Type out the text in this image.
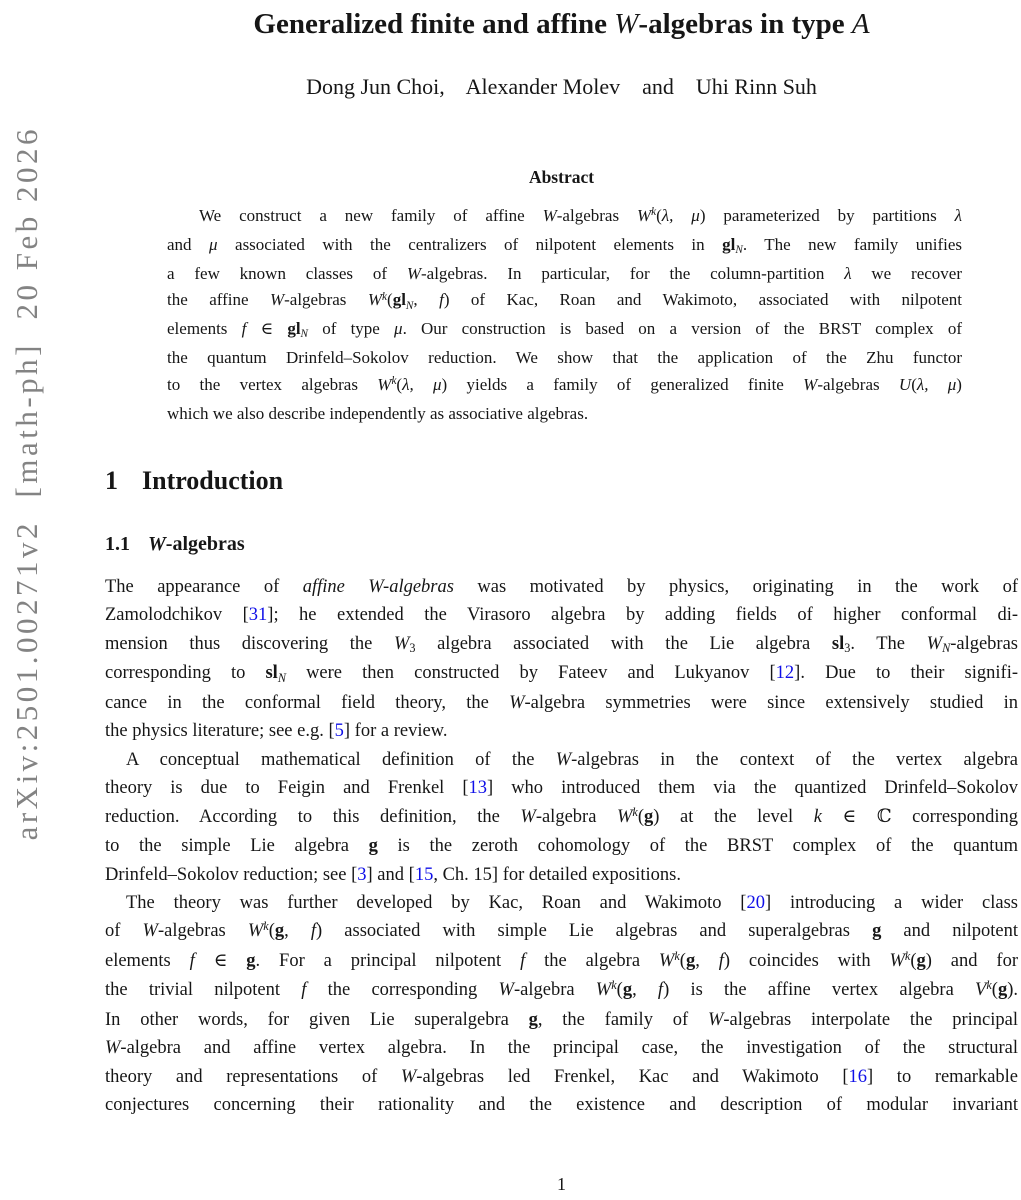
arXiv:2501.00271v2  [math-ph]  20 Feb 2026
Generalized finite and affine W-algebras in type A
Dong Jun Choi,    Alexander Molev    and    Uhi Rinn Suh
Abstract
We construct a new family of affine W-algebras $W^k(\lambda$, μ) parameterized by partitions λ
and μ associated with the centralizers of nilpotent elements in glN. The new family unifies
a few known classes of W-algebras. In particular, for the column-partition λ we recover
the affine W-algebras $W^k(glN$, f) of Kac, Roan and Wakimoto, associated with nilpotent
elements f ∈ glN of type μ. Our construction is based on a version of the BRST complex of
the quantum Drinfeld–Sokolov reduction. We show that the application of the Zhu functor
to the vertex algebras $W^k(\lambda$, μ) yields a family of generalized finite W-algebras U(λ, μ)
which we also describe independently as associative algebras.
1 Introduction
1.1 W-algebras
The appearance of affine W-algebras was motivated by physics, originating in the work of
Zamolodchikov [31]; he extended the Virasoro algebra by adding fields of higher conformal di-
mension thus discovering the W3 algebra associated with the Lie algebra sl3. The WN-algebras
corresponding to slN were then constructed by Fateev and Lukyanov [12]. Due to their signifi-
cance in the conformal field theory, the W-algebra symmetries were since extensively studied in
the physics literature; see e.g. [5] for a review.
A conceptual mathematical definition of the W-algebras in the context of the vertex algebra
theory is due to Feigin and Frenkel [13] who introduced them via the quantized Drinfeld–Sokolov
reduction. According to this definition, the W-algebra $W^k(g)$ at the level k ∈ ℂ corresponding
to the simple Lie algebra g is the zeroth cohomology of the BRST complex of the quantum
Drinfeld–Sokolov reduction; see [3] and [15, Ch. 15] for detailed expositions.
The theory was further developed by Kac, Roan and Wakimoto [20] introducing a wider class
of W-algebras $W^k(g$, f) associated with simple Lie algebras and superalgebras g and nilpotent
elements f ∈ g. For a principal nilpotent f the algebra $W^k(g$, f) coincides with $W^k(g)$ and for
the trivial nilpotent f the corresponding W-algebra $W^k(g$, f) is the affine vertex algebra $V^k(g)$.
In other words, for given Lie superalgebra g, the family of W-algebras interpolate the principal
W-algebra and affine vertex algebra. In the principal case, the investigation of the structural
theory and representations of W-algebras led Frenkel, Kac and Wakimoto [16] to remarkable
conjectures concerning their rationality and the existence and description of modular invariant
1
